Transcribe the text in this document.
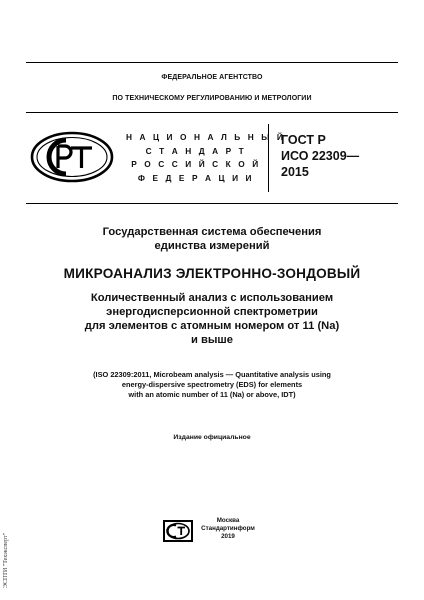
ФЕДЕРАЛЬНОЕ АГЕНТСТВО
ПО ТЕХНИЧЕСКОМУ РЕГУЛИРОВАНИЮ И МЕТРОЛОГИИ
Н А Ц И О Н А Л Ь Н Ы Й
С Т А Н Д А Р Т
Р О С С И Й С К О Й
Ф Е Д Е Р А Ц И И
ГОСТ Р
ИСО 22309—
2015
Государственная система обеспечения
единства измерений
МИКРОАНАЛИЗ ЭЛЕКТРОННО-ЗОНДОВЫЙ
Количественный анализ с использованием
энергодисперсионной спектрометрии
для элементов с атомным номером от 11 (Na)
и выше
(ISO 22309:2011, Microbeam analysis — Quantitative analysis using
energy-dispersive spectrometry (EDS) for elements
with an atomic number of 11 (Na) or above, IDT)
Издание официальное
ЭСПТИ "Техэксперт"
Москва
Стандартинформ
2019
